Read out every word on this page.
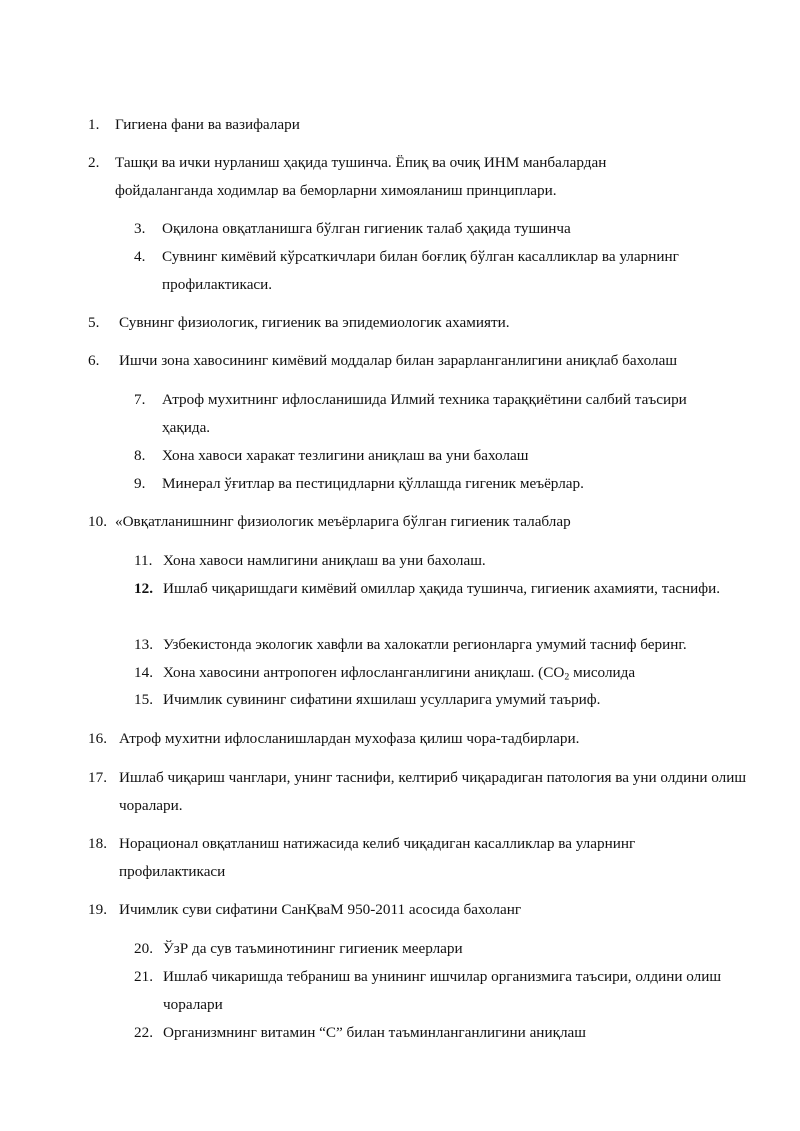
1. Гигиена фани ва вазифалари
2. Ташқи ва ички нурланиш ҳақида тушинча. Ёпиқ ва очиқ ИНМ манбалардан фойдаланганда ходимлар ва беморларни химояланиш принциплари.
3. Оқилона овқатланишга бўлган гигиеник талаб ҳақида тушинча
4. Сувнинг кимёвий кўрсаткичлари билан боғлиқ бўлган касалликлар ва уларнинг профилактикаси.
5. Сувнинг физиологик, гигиеник ва эпидемиологик ахамияти.
6. Ишчи зона хавосининг кимёвий моддалар билан зарарланганлигини аниқлаб бахолаш
7. Атроф мухитнинг ифлосланишида Илмий техника тараққиётини салбий таъсири ҳақида.
8. Хона хавоси харакат тезлигини аниқлаш ва уни бахолаш
9. Минерал ўғитлар ва пестицидларни қўллашда гигеник меъёрлар.
10. «Овқатланишнинг физиологик меъёрларига бўлган гигиеник талаблар
11. Хона хавоси намлигини аниқлаш ва уни бахолаш.
12. Ишлаб чиқаришдаги кимёвий омиллар ҳақида тушинча, гигиеник ахамияти, таснифи.
13. Узбекистонда экологик хавфли ва халокатли регионларга умумий тасниф беринг.
14. Хона хавосини антропоген ифлосланганлигини аниқлаш. ($CO_2$ мисолида
15. Ичимлик сувининг сифатини яхшилаш усулларига умумий таъриф.
16. Атроф мухитни ифлосланишлардан мухофаза қилиш чора-тадбирлари.
17. Ишлаб чиқариш чанглари, унинг таснифи, келтириб чиқарадиган патология ва уни олдини олиш чоралари.
18. Норационал овқатланиш натижасида келиб чиқадиган касалликлар ва уларнинг профилактикаси
19. Ичимлик суви сифатини СанҚваМ 950-2011 асосида бахоланг
20. ЎзР да сув таъминотининг гигиеник меерлари
21. Ишлаб чикаришда тебраниш ва унининг ишчилар организмига таъсири, олдини олиш чоралари
22. Организмнинг витамин “C” билан таъминланганлигини аниқлаш
